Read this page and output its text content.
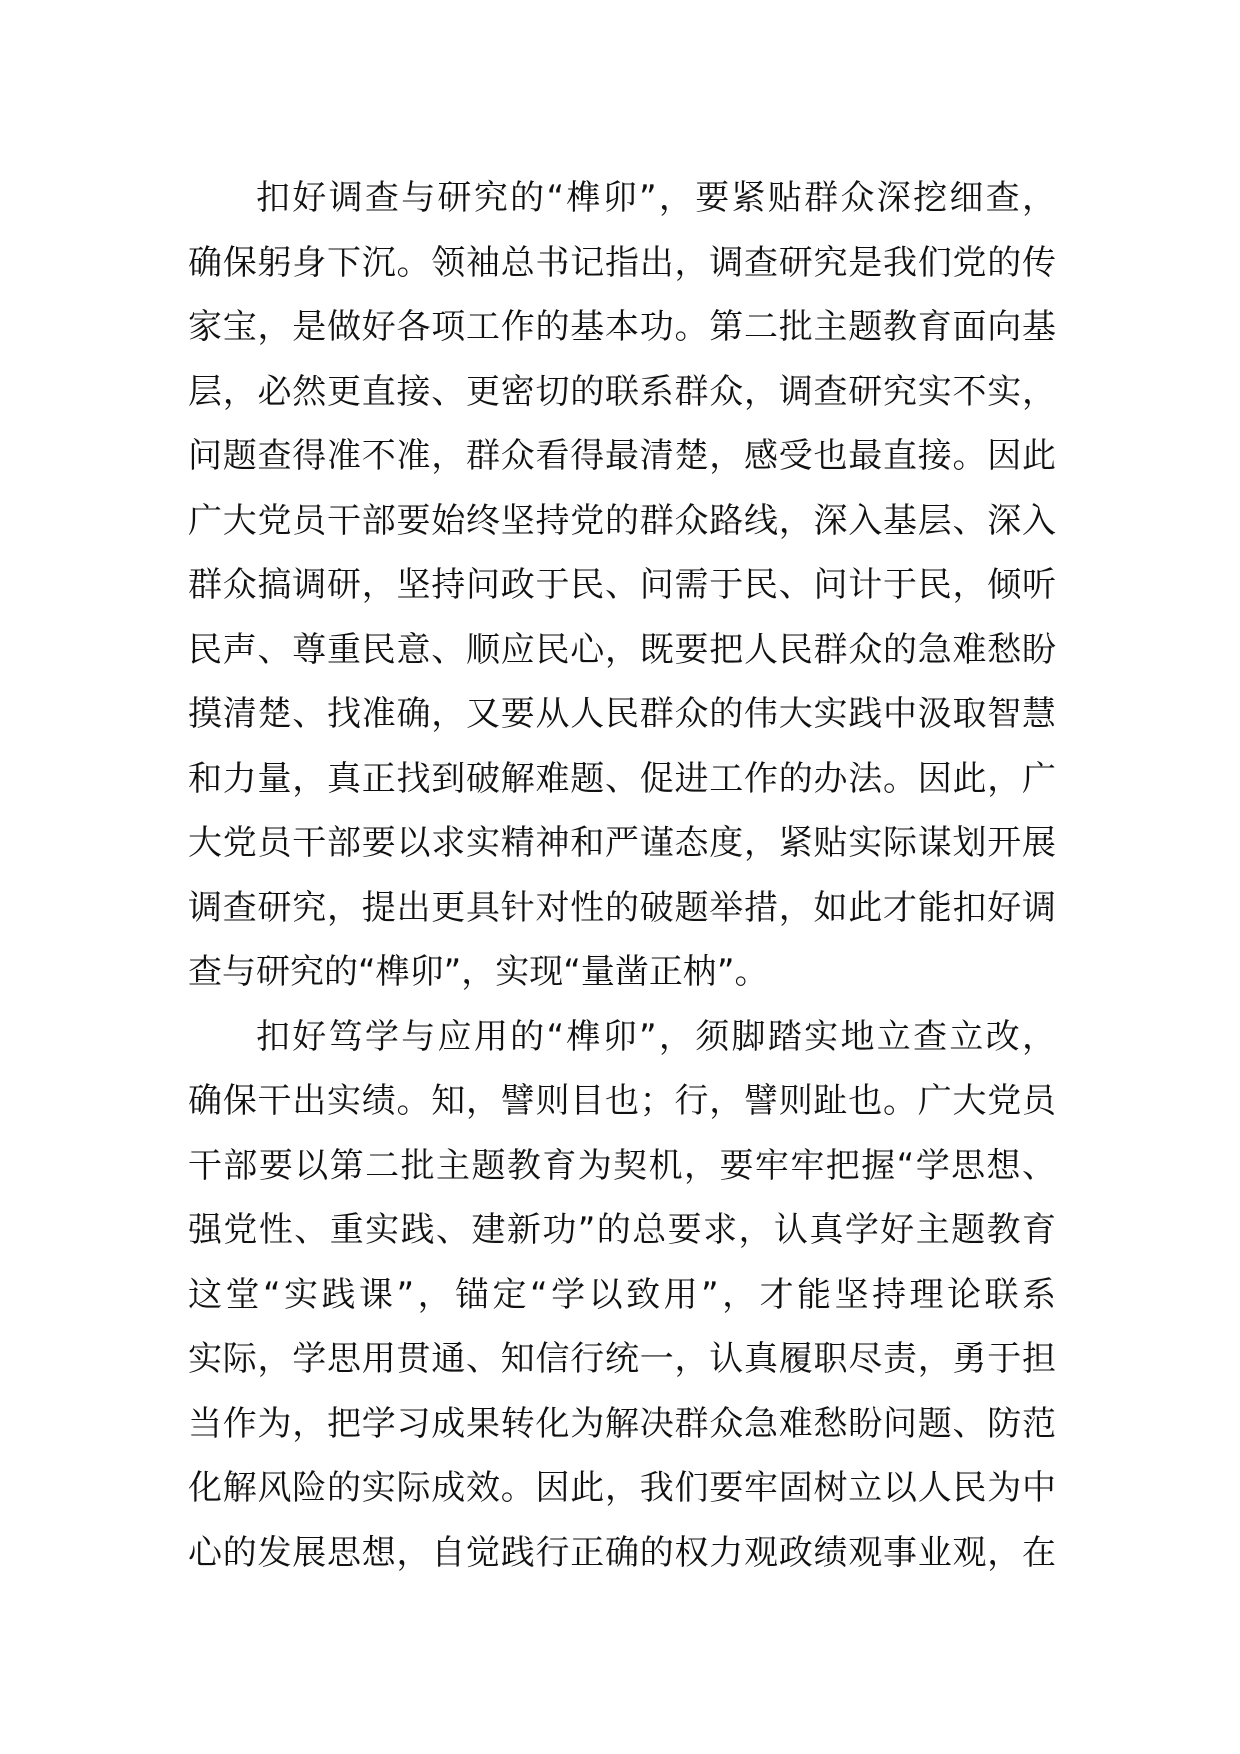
扣好调查与研究的“榫卯”，要紧贴群众深挖细查，
确保躬身下沉。领袖总书记指出，调查研究是我们党的传
家宝，是做好各项工作的基本功。第二批主题教育面向基
层，必然更直接、更密切的联系群众，调查研究实不实，
问题查得准不准，群众看得最清楚，感受也最直接。因此
广大党员干部要始终坚持党的群众路线，深入基层、深入
群众搞调研，坚持问政于民、问需于民、问计于民，倾听
民声、尊重民意、顺应民心，既要把人民群众的急难愁盼
摸清楚、找准确，又要从人民群众的伟大实践中汲取智慧
和力量，真正找到破解难题、促进工作的办法。因此，广
大党员干部要以求实精神和严谨态度，紧贴实际谋划开展
调查研究，提出更具针对性的破题举措，如此才能扣好调
查与研究的“榫卯”，实现“量凿正枘”。
扣好笃学与应用的“榫卯”，须脚踏实地立查立改，
确保干出实绩。知，譬则目也；行，譬则趾也。广大党员
干部要以第二批主题教育为契机，要牢牢把握“学思想、
强党性、重实践、建新功”的总要求，认真学好主题教育
这堂“实践课”，锚定“学以致用”，才能坚持理论联系
实际，学思用贯通、知信行统一，认真履职尽责，勇于担
当作为，把学习成果转化为解决群众急难愁盼问题、防范
化解风险的实际成效。因此，我们要牢固树立以人民为中
心的发展思想，自觉践行正确的权力观政绩观事业观，在
